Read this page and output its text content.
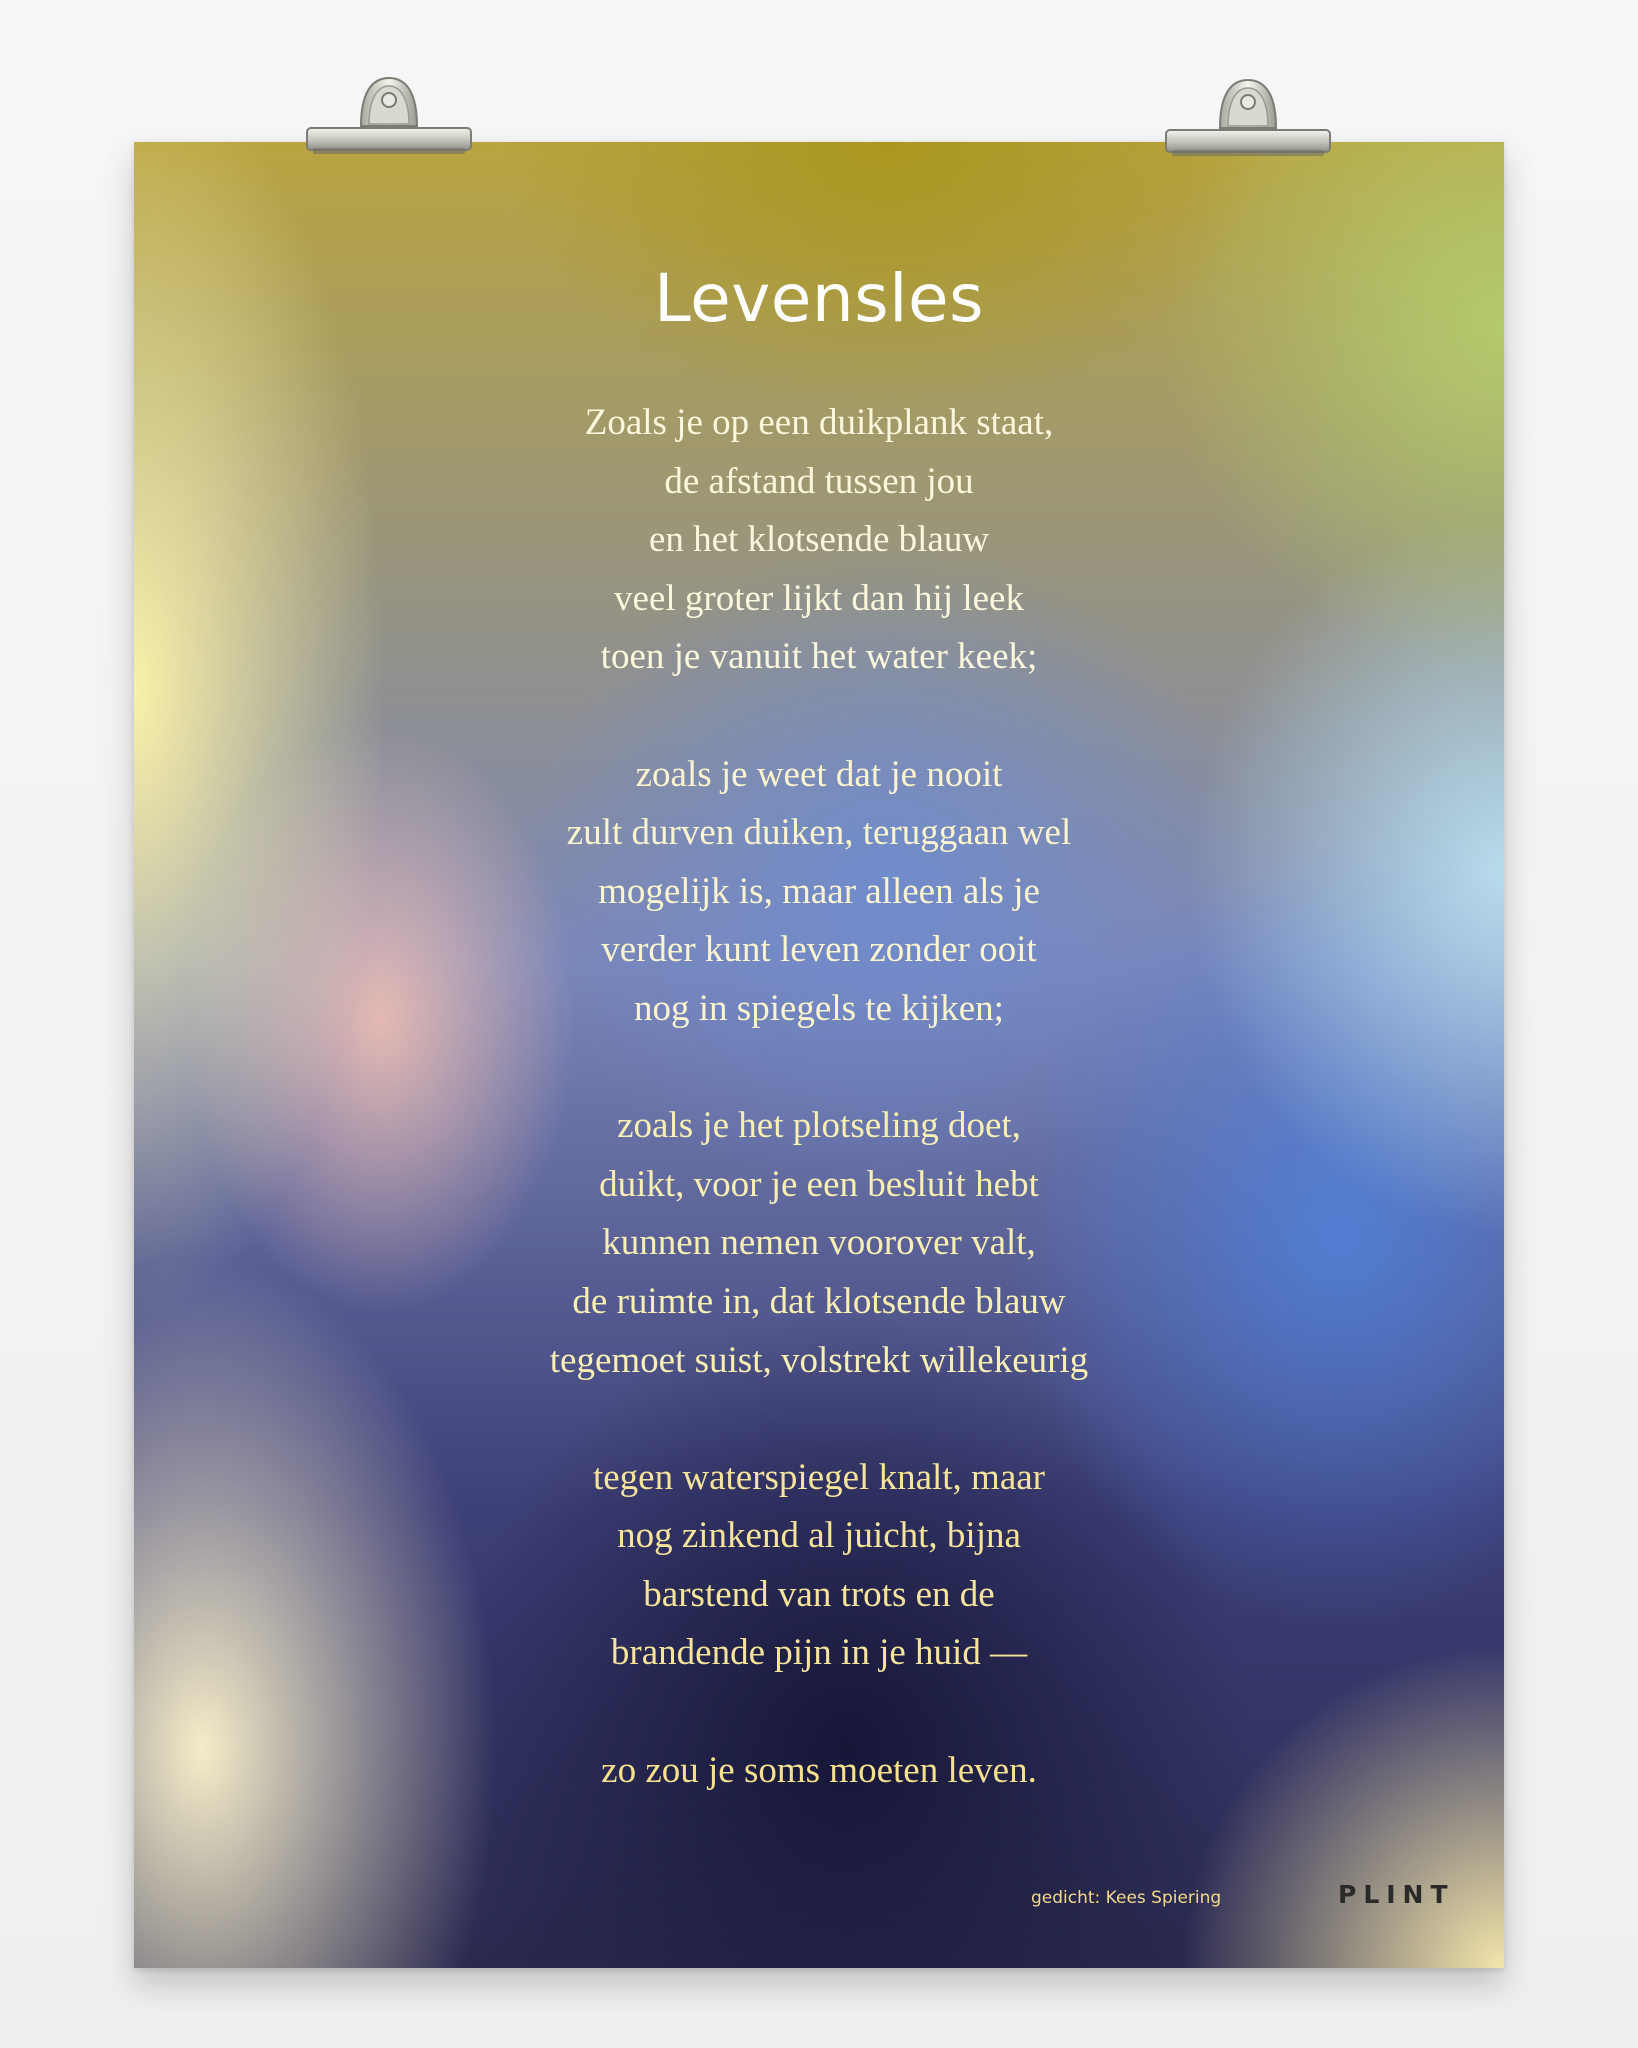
Levensles
Zoals je op een duikplank staat,
de afstand tussen jou
en het klotsende blauw
veel groter lijkt dan hij leek
toen je vanuit het water keek;
zoals je weet dat je nooit
zult durven duiken, teruggaan wel
mogelijk is, maar alleen als je
verder kunt leven zonder ooit
nog in spiegels te kijken;
zoals je het plotseling doet,
duikt, voor je een besluit hebt
kunnen nemen voorover valt,
de ruimte in, dat klotsende blauw
tegemoet suist, volstrekt willekeurig
tegen waterspiegel knalt, maar
nog zinkend al juicht, bijna
barstend van trots en de
brandende pijn in je huid —
zo zou je soms moeten leven.
gedicht: Kees Spiering	PLINT
